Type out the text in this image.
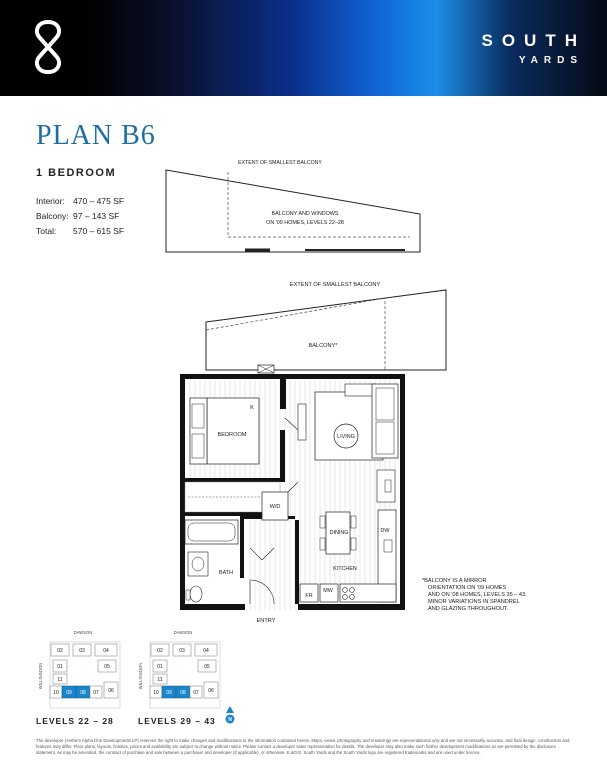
SOUTH
YARDS
PLAN B6
1 BEDROOM
Interior: 470 – 475 SF
Balcony: 97 – 143 SF
Total:	570 – 615 SF
EXTENT OF SMALLEST BALCONY
BALCONY AND WINDOWS
ON '09 HOMES, LEVELS 22–28
EXTENT OF SMALLEST BALCONY
BALCONY*
BEDROOM
K
LIVING
W/D
DINING	DW
KITCHEN
FR
MW
BATH
ENTRY
*BALCONY IS A MIRROR
ORIENTATION ON '09 HOMES
AND ON '08 HOMES, LEVELS 35 – 43.
MINOR VARIATIONS IN SPANDREL
AND GLAZING THROUGHOUT.
DAWSON
WILLINGDON
02	03	04
01	05
11
10 09 08 07 06
DAWSON
WILLINGDON
02	03	04
01	05
11
10 09 08 07 06
N
LEVELS 22 – 28	LEVELS 29 – 43
The developer (Anthem Alpha One Developments LP) reserves the right to make changes and modifications to the information contained herein. Maps, views, photography and renderings are representational only and are not necessarily accurate, and final design, construction and features may differ. Floor plans, layouts, finishes, prices and availability are subject to change without notice. Please contact a developer sales representative for details. The developer may also make such further development modifications as are permitted by the disclosure statement, as may be amended, the contract of purchase and sale between a purchaser and developer (if applicable), or otherwise. E.&O.E. South Yards and the South Yards logo are registered trademarks and are used under licence.
